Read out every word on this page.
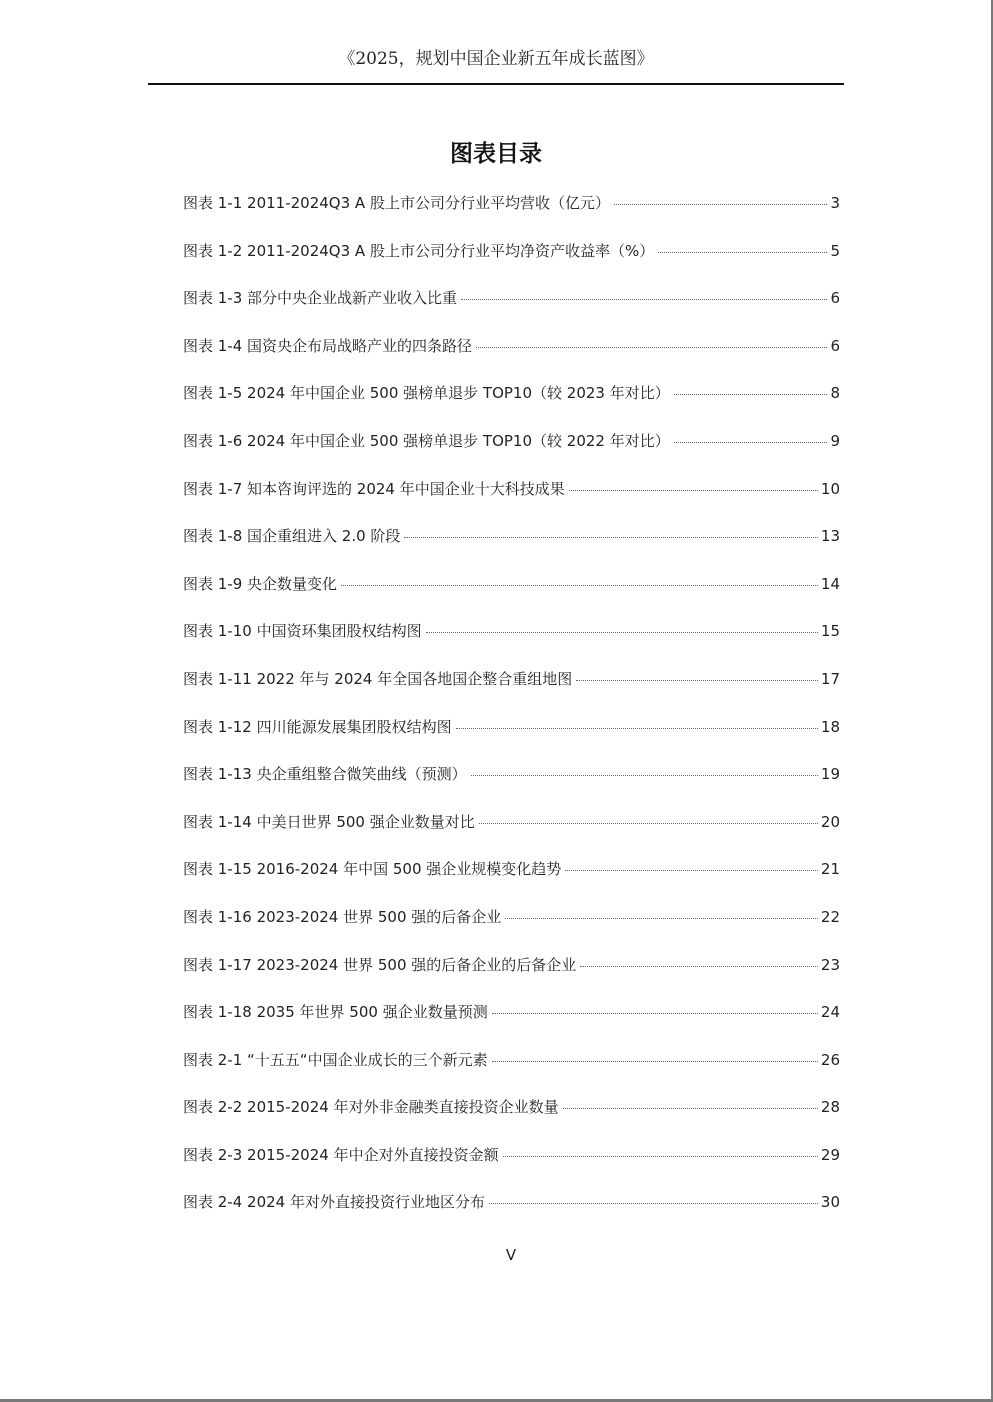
《2025，规划中国企业新五年成长蓝图》
图表目录
图表 1-1 2011-2024Q3 A 股上市公司分行业平均营收（亿元）	3
图表 1-2 2011-2024Q3 A 股上市公司分行业平均净资产收益率（%）	5
图表 1-3 部分中央企业战新产业收入比重	6
图表 1-4 国资央企布局战略产业的四条路径	6
图表 1-5 2024 年中国企业 500 强榜单退步 TOP10（较 2023 年对比）	8
图表 1-6 2024 年中国企业 500 强榜单退步 TOP10（较 2022 年对比）	9
图表 1-7 知本咨询评选的 2024 年中国企业十大科技成果	10
图表 1-8 国企重组进入 2.0 阶段	13
图表 1-9 央企数量变化	14
图表 1-10 中国资环集团股权结构图	15
图表 1-11 2022 年与 2024 年全国各地国企整合重组地图	17
图表 1-12 四川能源发展集团股权结构图	18
图表 1-13 央企重组整合微笑曲线（预测）	19
图表 1-14 中美日世界 500 强企业数量对比	20
图表 1-15 2016-2024 年中国 500 强企业规模变化趋势	21
图表 1-16 2023-2024 世界 500 强的后备企业	22
图表 1-17 2023-2024 世界 500 强的后备企业的后备企业	23
图表 1-18 2035 年世界 500 强企业数量预测	24
图表 2-1 “十五五“中国企业成长的三个新元素	26
图表 2-2 2015-2024 年对外非金融类直接投资企业数量	28
图表 2-3 2015-2024 年中企对外直接投资金额	29
图表 2-4 2024 年对外直接投资行业地区分布	30
V
